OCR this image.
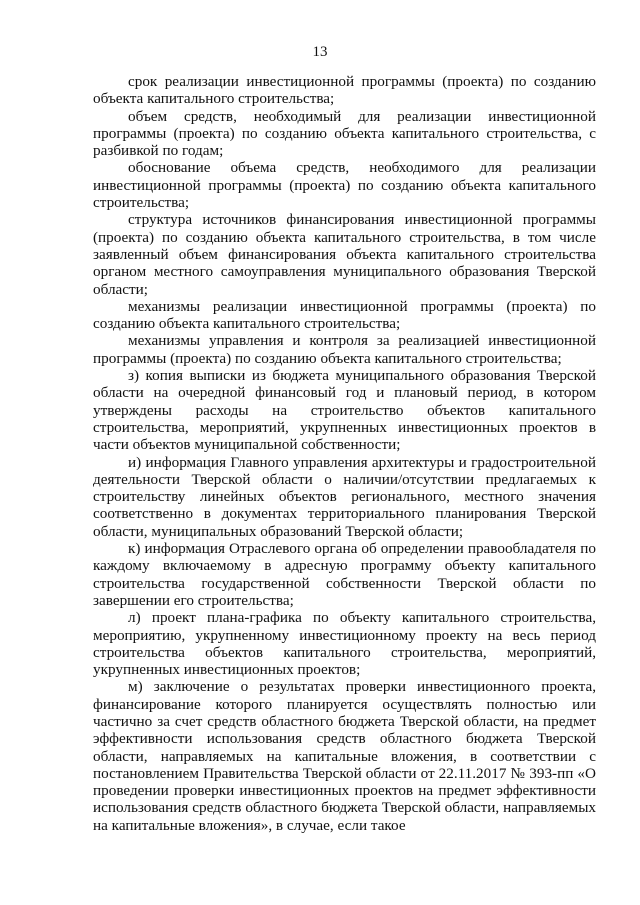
13

срок реализации инвестиционной программы (проекта) по созданию объекта капитального строительства;

объем средств, необходимый для реализации инвестиционной программы (проекта) по созданию объекта капитального строительства, с разбивкой по годам;

обоснование объема средств, необходимого для реализации инвестиционной программы (проекта) по созданию объекта капитального строительства;

структура источников финансирования инвестиционной программы (проекта) по созданию объекта капитального строительства, в том числе заявленный объем финансирования объекта капитального строительства органом местного самоуправления муниципального образования Тверской области;

механизмы реализации инвестиционной программы (проекта) по созданию объекта капитального строительства;

механизмы управления и контроля за реализацией инвестиционной программы (проекта) по созданию объекта капитального строительства;

з) копия выписки из бюджета муниципального образования Тверской области на очередной финансовый год и плановый период, в котором утверждены расходы на строительство объектов капитального строительства, мероприятий, укрупненных инвестиционных проектов в части объектов муниципальной собственности;

и) информация Главного управления архитектуры и градостроительной деятельности Тверской области о наличии/отсутствии предлагаемых к строительству линейных объектов регионального, местного значения соответственно в документах территориального планирования Тверской области, муниципальных образований Тверской области;

к) информация Отраслевого органа об определении правообладателя по каждому включаемому в адресную программу объекту капитального строительства государственной собственности Тверской области по завершении его строительства;

л) проект плана-графика по объекту капитального строительства, мероприятию, укрупненному инвестиционному проекту на весь период строительства объектов капитального строительства, мероприятий, укрупненных инвестиционных проектов;

м) заключение о результатах проверки инвестиционного проекта, финансирование которого планируется осуществлять полностью или частично за счет средств областного бюджета Тверской области, на предмет эффективности использования средств областного бюджета Тверской области, направляемых на капитальные вложения, в соответствии с постановлением Правительства Тверской области от 22.11.2017 № 393-пп «О проведении проверки инвестиционных проектов на предмет эффективности использования средств областного бюджета Тверской области, направляемых на капитальные вложения», в случае, если такое
